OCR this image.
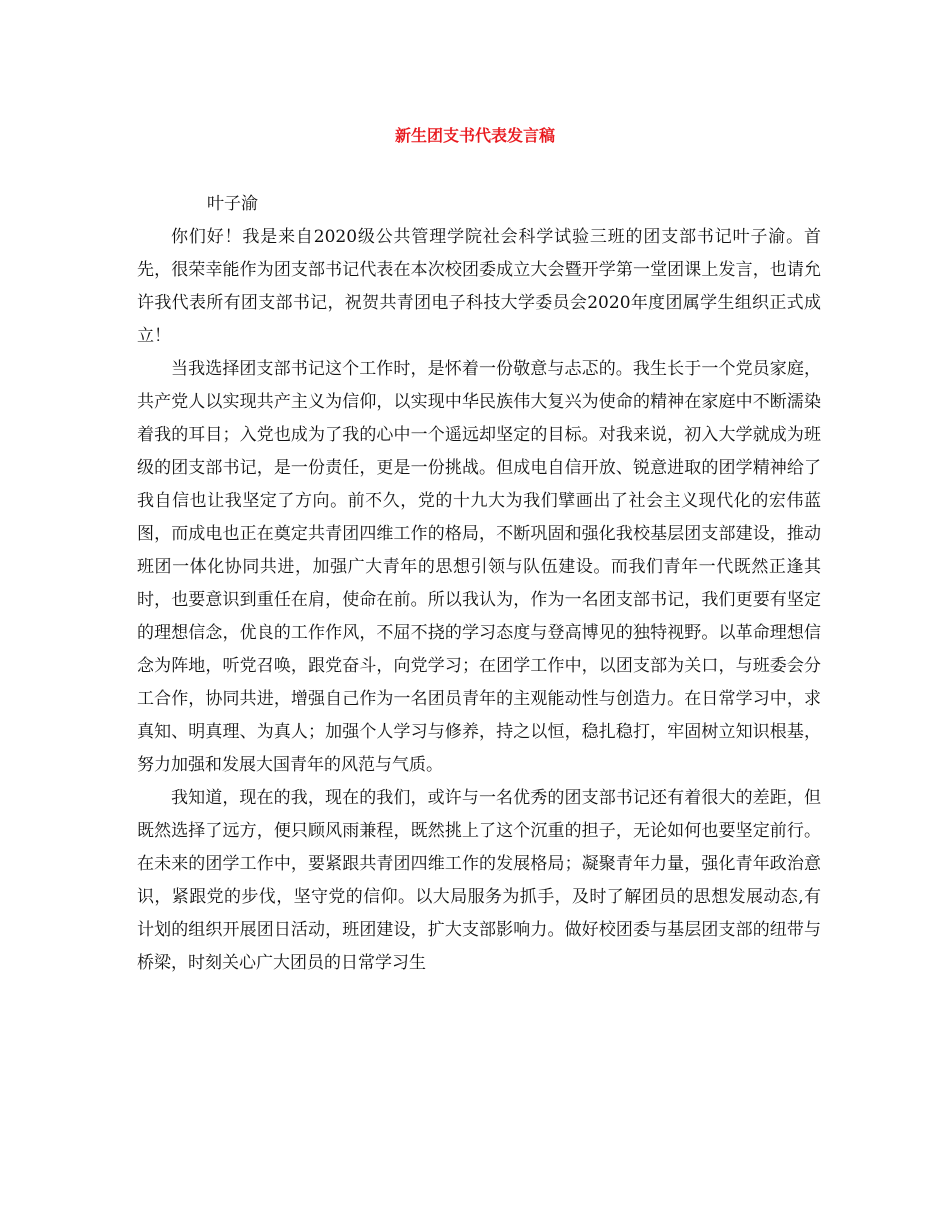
新生团支书代表发言稿

叶子渝

你们好！我是来自2020级公共管理学院社会科学试验三班的团支部书记叶子渝。首先，很荣幸能作为团支部书记代表在本次校团委成立大会暨开学第一堂团课上发言，也请允许我代表所有团支部书记，祝贺共青团电子科技大学委员会2020年度团属学生组织正式成立！

当我选择团支部书记这个工作时，是怀着一份敬意与忐忑的。我生长于一个党员家庭，共产党人以实现共产主义为信仰，以实现中华民族伟大复兴为使命的精神在家庭中不断濡染着我的耳目；入党也成为了我的心中一个遥远却坚定的目标。对我来说，初入大学就成为班级的团支部书记，是一份责任，更是一份挑战。但成电自信开放、锐意进取的团学精神给了我自信也让我坚定了方向。前不久，党的十九大为我们擘画出了社会主义现代化的宏伟蓝图，而成电也正在奠定共青团四维工作的格局，不断巩固和强化我校基层团支部建设，推动班团一体化协同共进，加强广大青年的思想引领与队伍建设。而我们青年一代既然正逢其时，也要意识到重任在肩，使命在前。所以我认为，作为一名团支部书记，我们更要有坚定的理想信念，优良的工作作风，不屈不挠的学习态度与登高博见的独特视野。以革命理想信念为阵地，听党召唤，跟党奋斗，向党学习；在团学工作中，以团支部为关口，与班委会分工合作，协同共进，增强自己作为一名团员青年的主观能动性与创造力。在日常学习中，求真知、明真理、为真人；加强个人学习与修养，持之以恒，稳扎稳打，牢固树立知识根基，努力加强和发展大国青年的风范与气质。

我知道，现在的我，现在的我们，或许与一名优秀的团支部书记还有着很大的差距，但既然选择了远方，便只顾风雨兼程，既然挑上了这个沉重的担子，无论如何也要坚定前行。在未来的团学工作中，要紧跟共青团四维工作的发展格局；凝聚青年力量，强化青年政治意识，紧跟党的步伐，坚守党的信仰。以大局服务为抓手，及时了解团员的思想发展动态,有计划的组织开展团日活动，班团建设，扩大支部影响力。做好校团委与基层团支部的纽带与桥梁，时刻关心广大团员的日常学习生
